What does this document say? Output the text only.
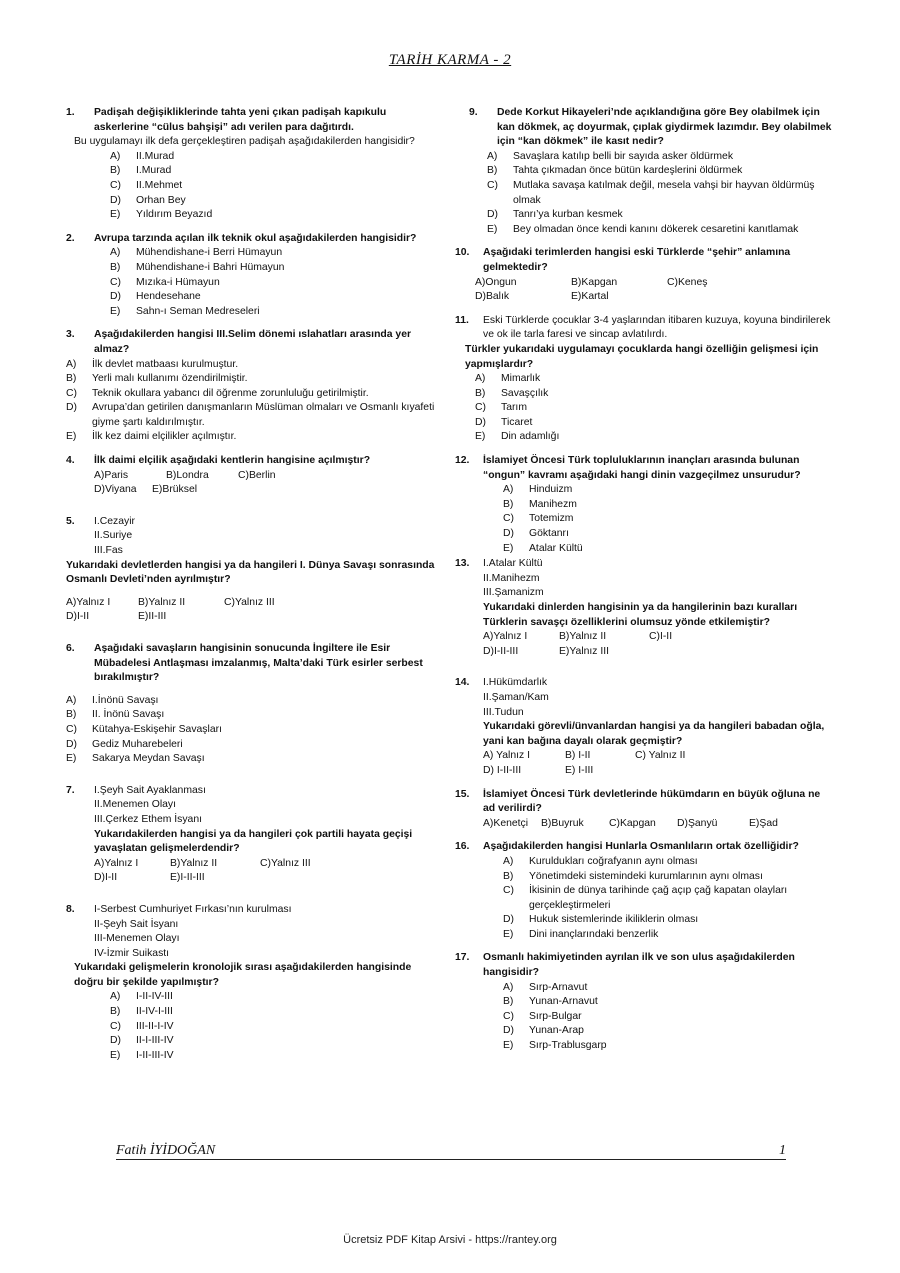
TARİH KARMA - 2
1.	Padişah değişikliklerinde tahta yeni çıkan padişah kapıkulu askerlerine “cülus bahşişi” adı verilen para dağıtırdı.
Bu uygulamayı ilk defa gerçekleştiren padişah aşağıdakilerden hangisidir?
A)	II.Murad
B)	I.Murad
C)	II.Mehmet
D)	Orhan Bey
E)	Yıldırım Beyazıd
2.	Avrupa tarzında açılan ilk teknik okul aşağıdakilerden hangisidir?
A)	Mühendishane-i Berri Hümayun
B)	Mühendishane-i Bahri Hümayun
C)	Mızıka-i Hümayun
D)	Hendesehane
E)	Sahn-ı Seman Medreseleri
3.	Aşağıdakilerden hangisi III.Selim dönemi ıslahatları arasında yer almaz?
A)	İlk devlet matbaası kurulmuştur.
B)	Yerli malı kullanımı özendirilmiştir.
C)	Teknik okullara yabancı dil öğrenme zorunluluğu getirilmiştir.
D)	Avrupa’dan getirilen danışmanların Müslüman olmaları ve Osmanlı kıyafeti giyme şartı kaldırılmıştır.
E)	İlk kez daimi elçilikler açılmıştır.
4.	İlk daimi elçilik aşağıdaki kentlerin hangisine açılmıştır?
A)Paris	B)Londra	C)Berlin
D)Viyana	E)Brüksel
5.	I.Cezayir
II.Suriye
III.Fas
Yukarıdaki devletlerden hangisi ya da hangileri I. Dünya Savaşı sonrasında Osmanlı Devleti’nden ayrılmıştır?
A)Yalnız I	B)Yalnız II	C)Yalnız III
D)I-II	E)II-III
6.	Aşağıdaki savaşların hangisinin sonucunda İngiltere ile Esir Mübadelesi Antlaşması imzalanmış, Malta’daki Türk esirler serbest bırakılmıştır?
A)	I.İnönü Savaşı
B)	II. İnönü Savaşı
C)	Kütahya-Eskişehir Savaşları
D)	Gediz Muharebeleri
E)	Sakarya Meydan Savaşı
7.	I.Şeyh Sait Ayaklanması
II.Menemen Olayı
III.Çerkez Ethem İsyanı
Yukarıdakilerden hangisi ya da hangileri çok partili hayata geçişi yavaşlatan gelişmelerdendir?
A)Yalnız I	B)Yalnız II	C)Yalnız III
D)I-II	E)I-II-III
8.	I-Serbest Cumhuriyet Fırkası’nın kurulması
II-Şeyh Sait İsyanı
III-Menemen Olayı
IV-İzmir Suikastı
Yukarıdaki gelişmelerin kronolojik sırası aşağıdakilerden hangisinde doğru bir şekilde yapılmıştır?
A)	I-II-IV-III
B)	II-IV-I-III
C)	III-II-I-IV
D)	II-I-III-IV
E)	I-II-III-IV
9.	Dede Korkut Hikayeleri’nde açıklandığına göre Bey olabilmek için kan dökmek, aç doyurmak, çıplak giydirmek lazımdır. Bey olabilmek için “kan dökmek” ile kasıt nedir?
A)	Savaşlara katılıp belli bir sayıda asker öldürmek
B)	Tahta çıkmadan önce bütün kardeşlerini öldürmek
C)	Mutlaka savaşa katılmak değil, mesela vahşi bir hayvan öldürmüş olmak
D)	Tanrı’ya kurban kesmek
E)	Bey olmadan önce kendi kanını dökerek cesaretini kanıtlamak
10.	Aşağıdaki terimlerden hangisi eski Türklerde “şehir” anlamına gelmektedir?
A)Ongun	B)Kapgan	C)Keneş
D)Balık	E)Kartal
11.	Eski Türklerde çocuklar 3-4 yaşlarından itibaren kuzuya, koyuna bindirilerek ve ok ile tarla faresi ve sincap avlatılırdı.
Türkler yukarıdaki uygulamayı çocuklarda hangi özelliğin gelişmesi için yapmışlardır?
A)	Mimarlık
B)	Savaşçılık
C)	Tarım
D)	Ticaret
E)	Din adamlığı
12.	İslamiyet Öncesi Türk topluluklarının inançları arasında bulunan “ongun” kavramı aşağıdaki hangi dinin vazgeçilmez unsurudur?
A)	Hinduizm
B)	Manihezm
C)	Totemizm
D)	Göktanrı
E)	Atalar Kültü
13.	I.Atalar Kültü
II.Manihezm
III.Şamanizm
Yukarıdaki dinlerden hangisinin ya da hangilerinin bazı kuralları Türklerin savaşçı özelliklerini olumsuz yönde etkilemiştir?
A)Yalnız I	B)Yalnız II	C)I-II
D)I-II-III	E)Yalnız III
14.	I.Hükümdarlık
II.Şaman/Kam
III.Tudun
Yukarıdaki görevli/ünvanlardan hangisi ya da hangileri babadan oğla, yani kan bağına dayalı olarak geçmiştir?
A) Yalnız I	B) I-II	C) Yalnız II
D) I-II-III	E) I-III
15.	İslamiyet Öncesi Türk devletlerinde hükümdarın en büyük oğluna ne ad verilirdi?
A)Kenetçi	B)Buyruk	C)Kapgan	D)Şanyü	E)Şad
16.	Aşağıdakilerden hangisi Hunlarla Osmanlıların ortak özelliğidir?
A)	Kuruldukları coğrafyanın aynı olması
B)	Yönetimdeki sistemindeki kurumlarının aynı olması
C)	İkisinin de dünya tarihinde çağ açıp çağ kapatan olayları gerçekleştirmeleri
D)	Hukuk sistemlerinde ikiliklerin olması
E)	Dini inançlarındaki benzerlik
17.	Osmanlı hakimiyetinden ayrılan ilk ve son ulus aşağıdakilerden hangisidir?
A)	Sırp-Arnavut
B)	Yunan-Arnavut
C)	Sırp-Bulgar
D)	Yunan-Arap
E)	Sırp-Trablusgarp
Fatih İYİDOĞAN	1
Ücretsiz PDF Kitap Arsivi - https://rantey.org
